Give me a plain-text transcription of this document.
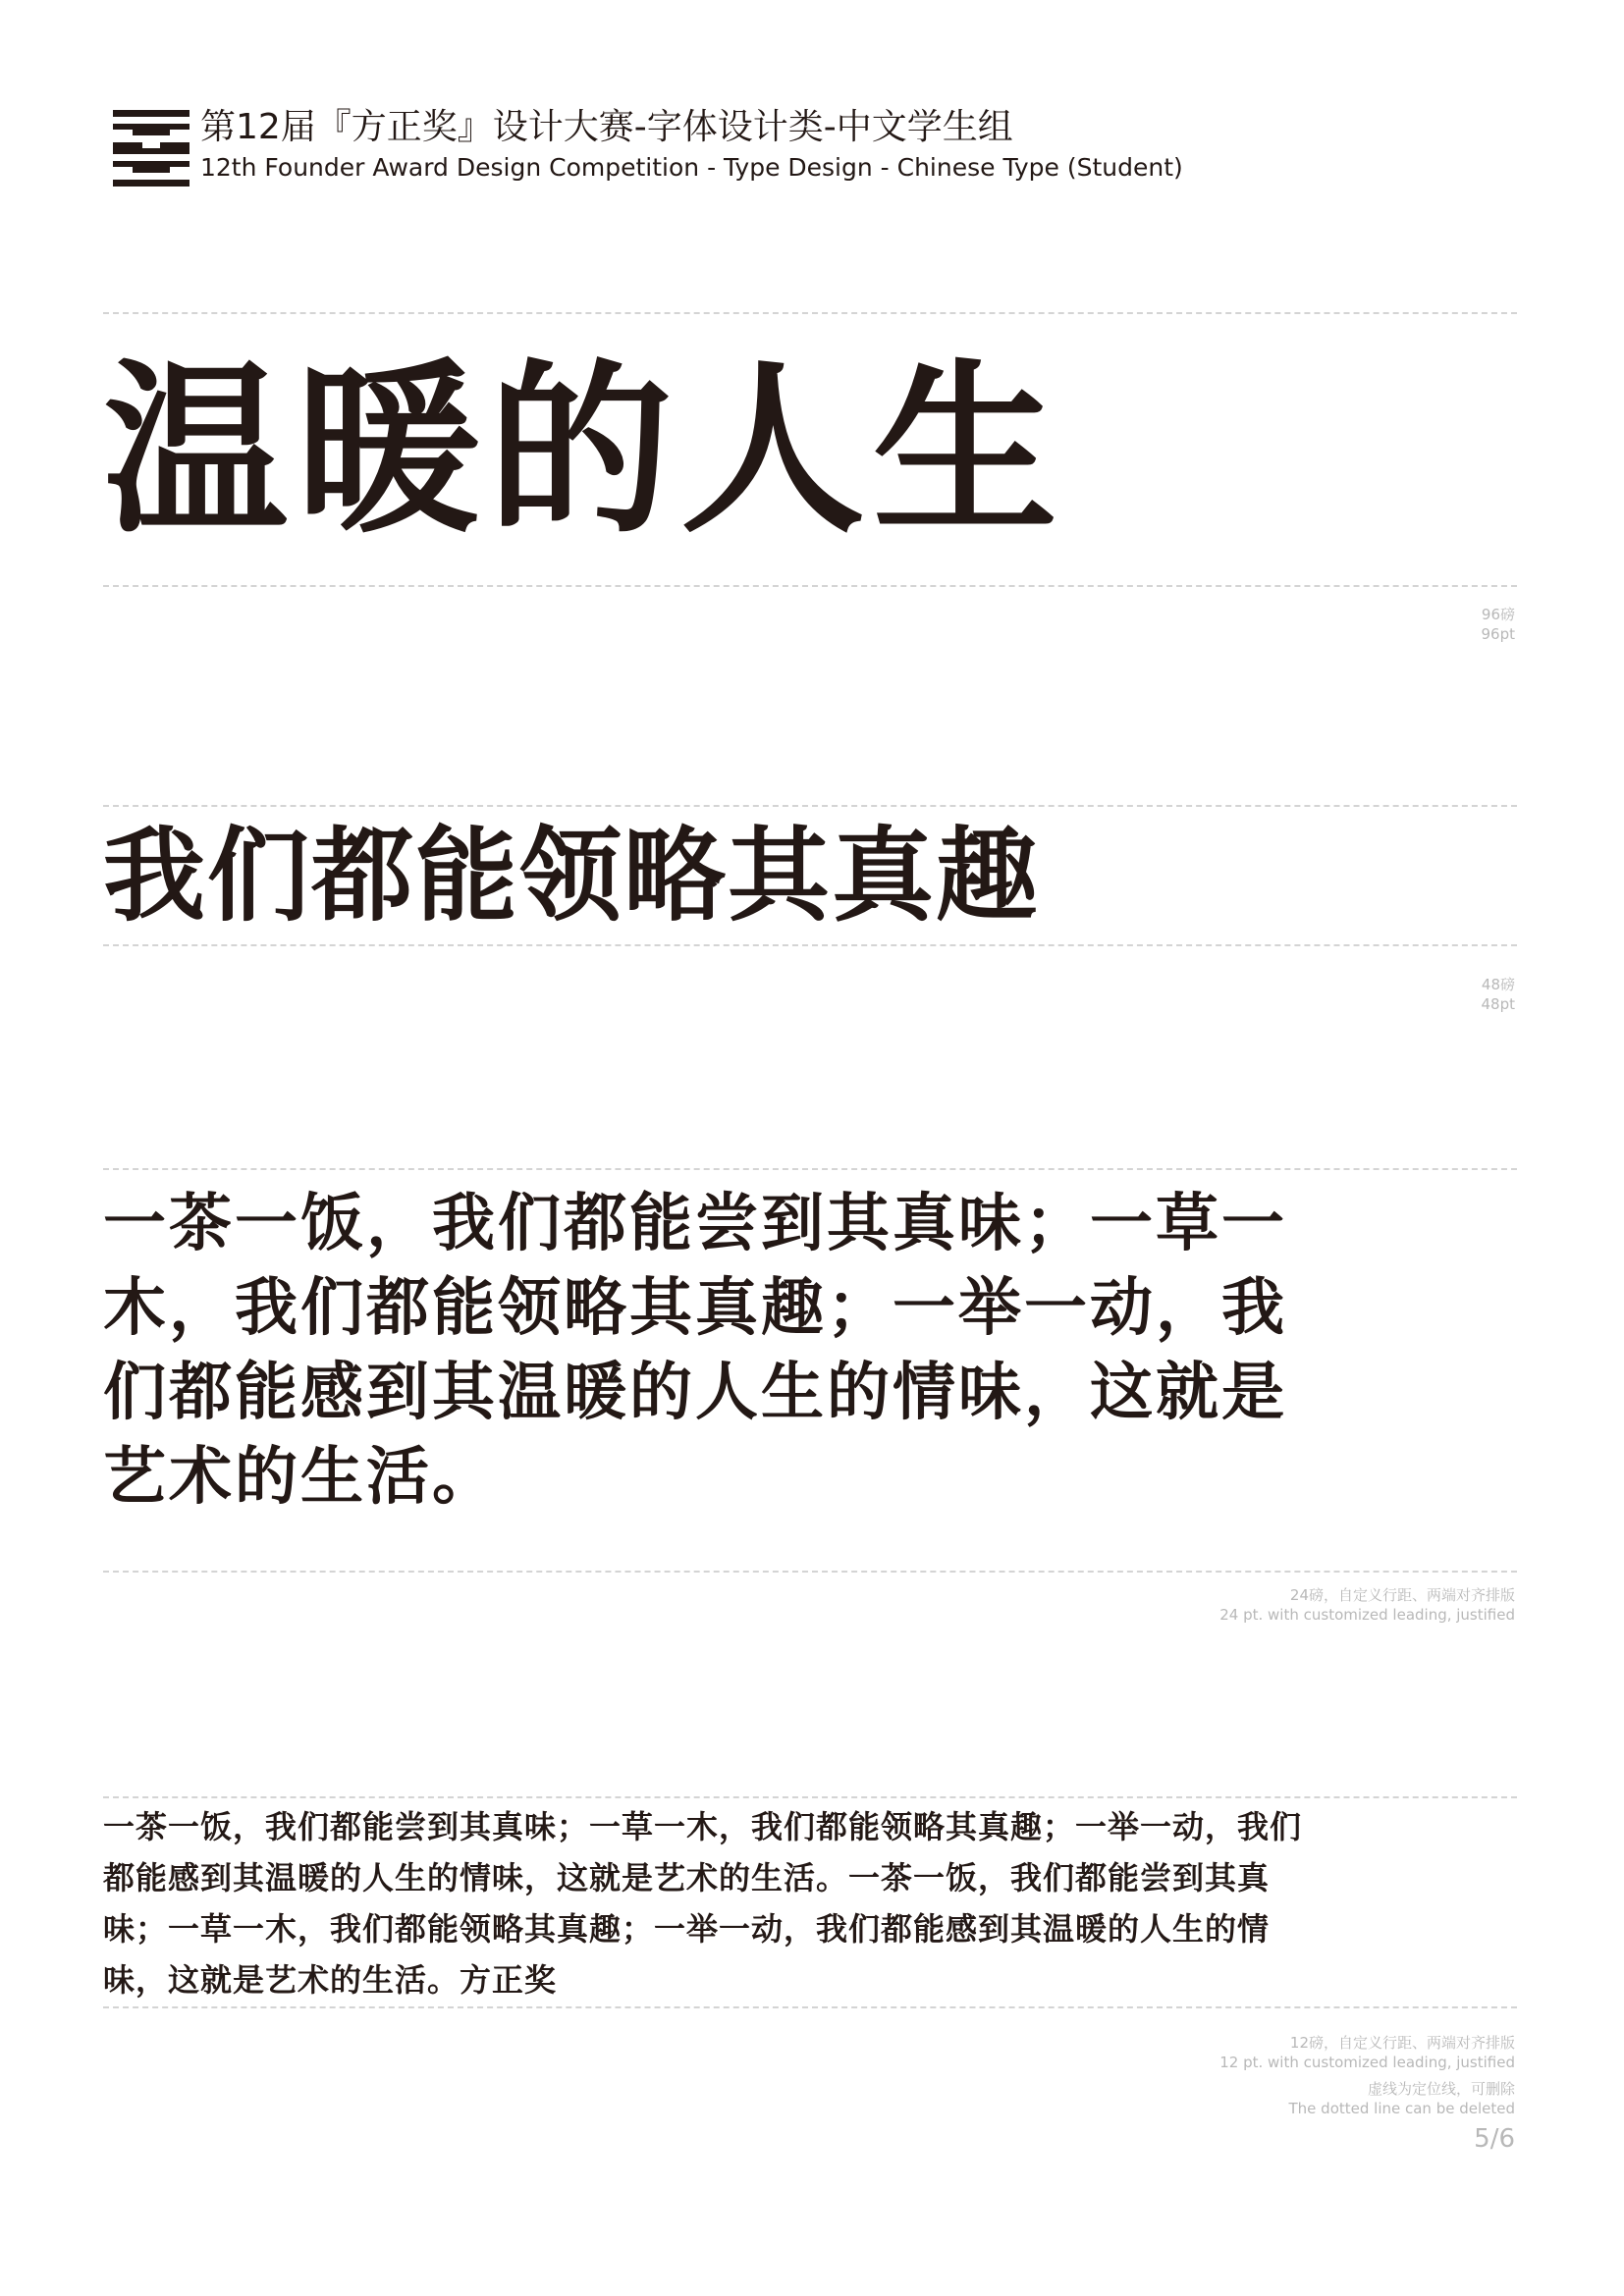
第12届『方正奖』设计大赛-字体设计类-中文学生组
12th Founder Award Design Competition - Type Design - Chinese Type (Student)
温暖的人生
96磅
96pt
我们都能领略其真趣
48磅
48pt
一茶一饭，我们都能尝到其真味；一草一木，我们都能领略其真趣；一举一动，我们都能感到其温暖的人生的情味，这就是艺术的生活。
24磅，自定义行距、两端对齐排版
24 pt. with customized leading, justified
一茶一饭，我们都能尝到其真味；一草一木，我们都能领略其真趣；一举一动，我们都能感到其温暖的人生的情味，这就是艺术的生活。一茶一饭，我们都能尝到其真味；一草一木，我们都能领略其真趣；一举一动，我们都能感到其温暖的人生的情味，这就是艺术的生活。方正奖
12磅，自定义行距、两端对齐排版
12 pt. with customized leading, justified
虚线为定位线，可删除
The dotted line can be deleted
5/6
